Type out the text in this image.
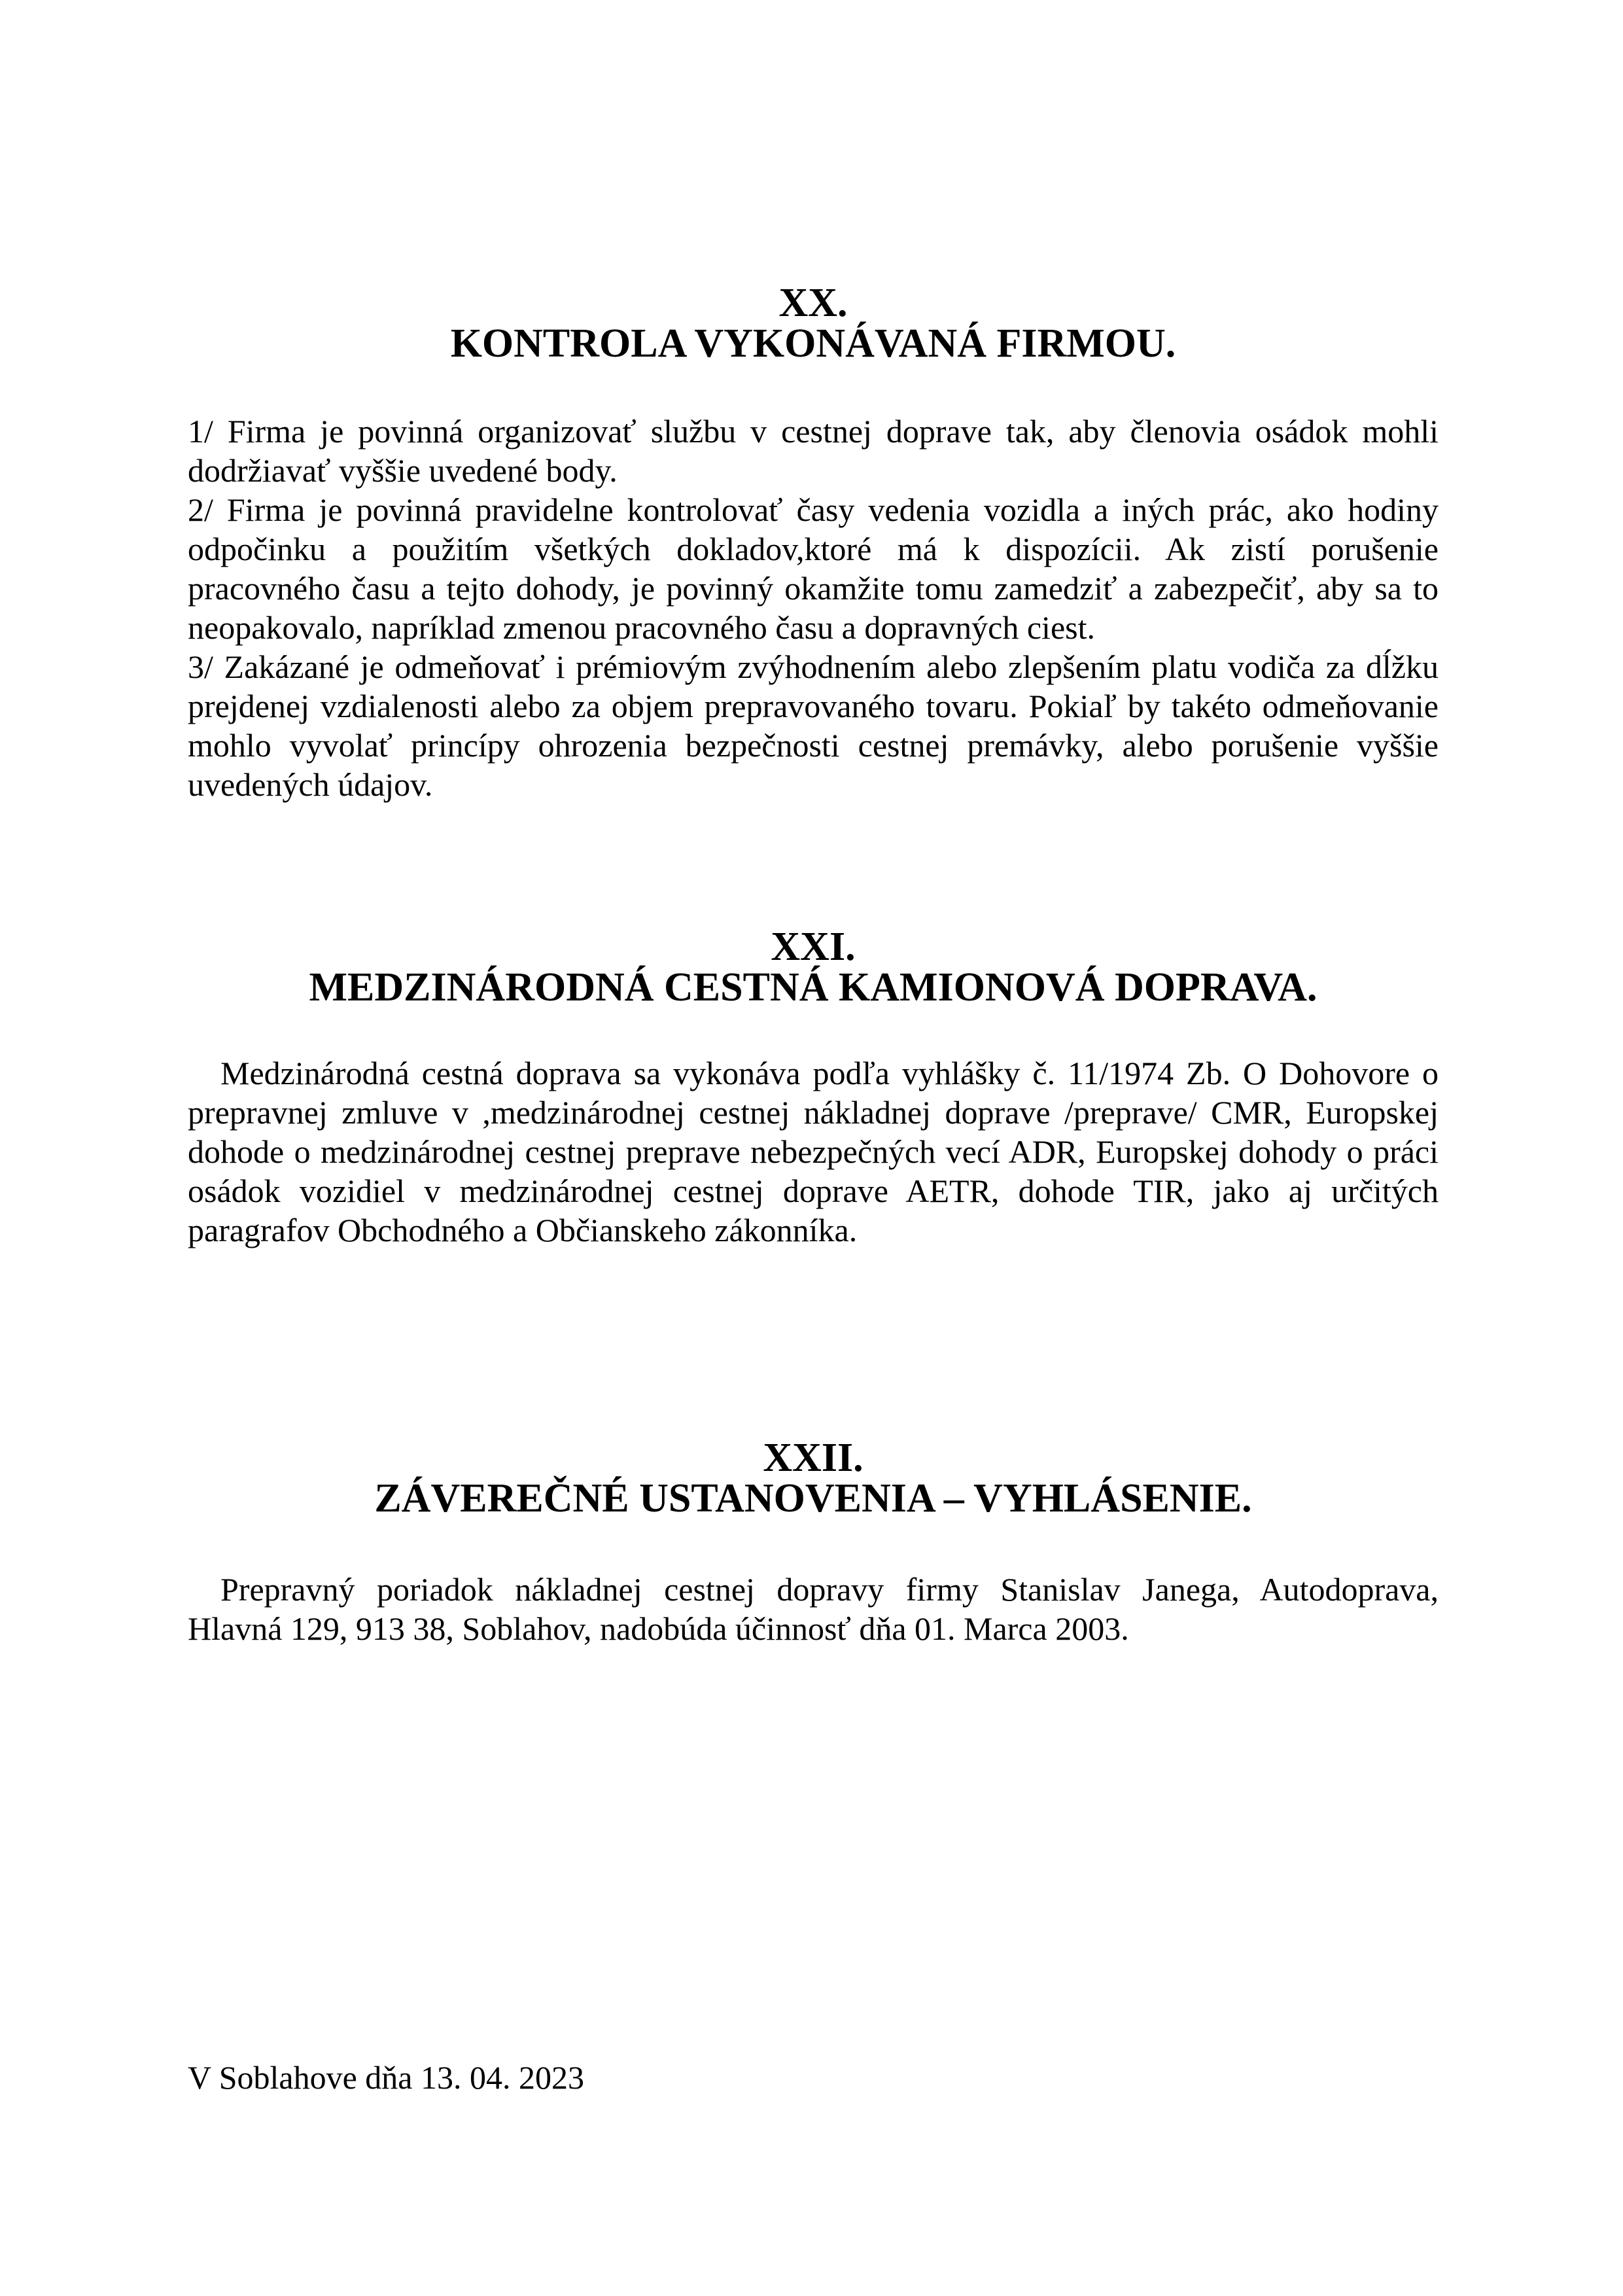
XX.
KONTROLA VYKONÁVANÁ FIRMOU.
1/ Firma je povinná organizovať službu v cestnej doprave tak, aby členovia osádok mohli
dodržiavať vyššie uvedené body.
2/ Firma je povinná pravidelne kontrolovať časy vedenia vozidla a iných prác, ako hodiny
odpočinku a použitím všetkých dokladov,ktoré má k dispozícii. Ak zistí porušenie
pracovného času a tejto dohody, je povinný okamžite tomu zamedziť a zabezpečiť, aby sa to
neopakovalo, napríklad zmenou pracovného času a dopravných ciest.
3/ Zakázané je odmeňovať i prémiovým zvýhodnením alebo zlepšením platu vodiča za dĺžku
prejdenej vzdialenosti alebo za objem prepravovaného tovaru. Pokiaľ by takéto odmeňovanie
mohlo vyvolať princípy ohrozenia bezpečnosti cestnej premávky, alebo porušenie vyššie
uvedených údajov.
XXI.
MEDZINÁRODNÁ CESTNÁ KAMIONOVÁ DOPRAVA.
Medzinárodná cestná doprava sa vykonáva podľa vyhlášky č. 11/1974 Zb. O Dohovore o
prepravnej zmluve v ,medzinárodnej cestnej nákladnej doprave /preprave/ CMR, Europskej
dohode o medzinárodnej cestnej preprave nebezpečných vecí ADR, Europskej dohody o práci
osádok vozidiel v medzinárodnej cestnej doprave AETR, dohode TIR, jako aj určitých
paragrafov Obchodného a Občianskeho zákonníka.
XXII.
ZÁVEREČNÉ USTANOVENIA – VYHLÁSENIE.
Prepravný poriadok nákladnej cestnej dopravy firmy Stanislav Janega, Autodoprava,
Hlavná 129, 913 38, Soblahov, nadobúda účinnosť dňa 01. Marca 2003.
V Soblahove dňa 13. 04. 2023
